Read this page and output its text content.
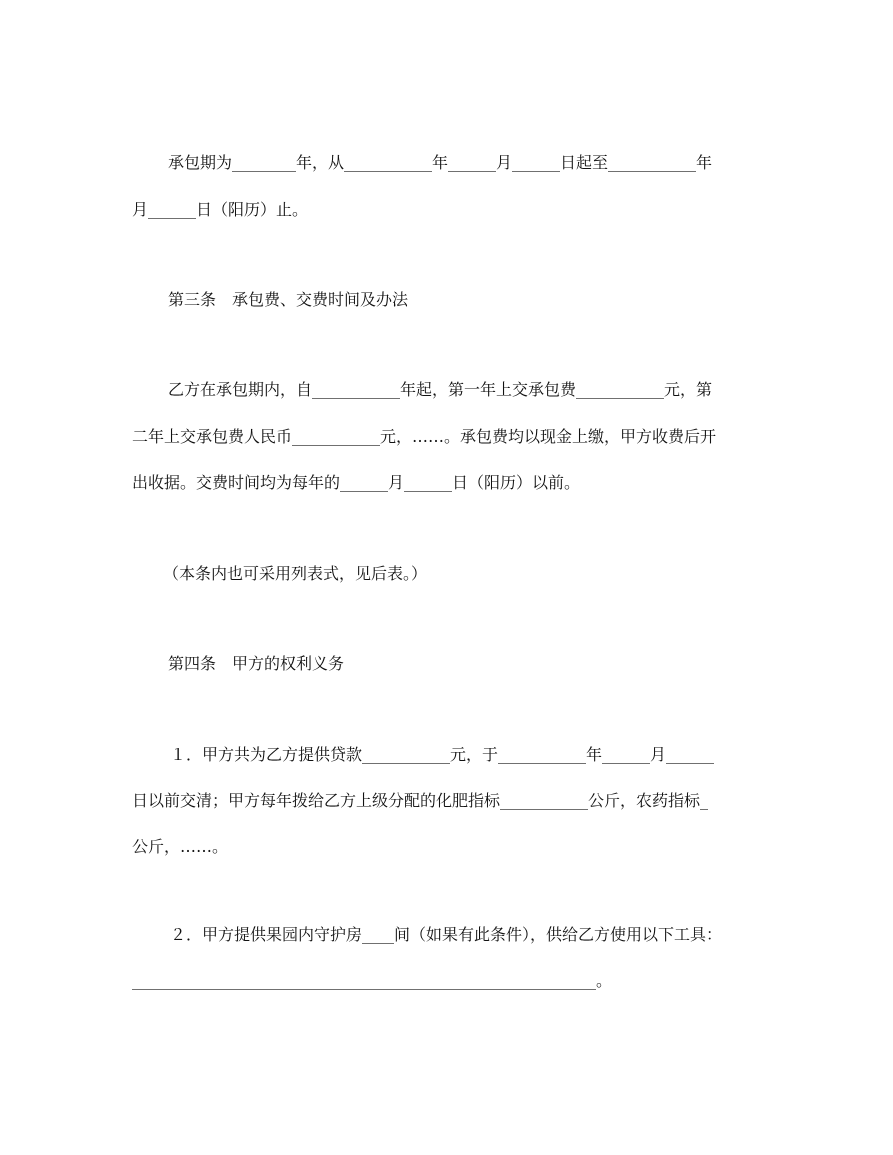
承包期为________年，从___________年______月______日起至___________年
月______日（阳历）止。
第三条　承包费、交费时间及办法
乙方在承包期内，自___________年起，第一年上交承包费___________元，第
二年上交承包费人民币___________元，……。承包费均以现金上缴，甲方收费后开
出收据。交费时间均为每年的______月______日（阳历）以前。
（本条内也可采用列表式，见后表。）
第四条　甲方的权利义务
１．甲方共为乙方提供贷款___________元，于___________年______月______
日以前交清；甲方每年拨给乙方上级分配的化肥指标___________公斤，农药指标_
公斤，……。
２．甲方提供果园内守护房____间（如果有此条件），供给乙方使用以下工具：
__________________________________________________________。
